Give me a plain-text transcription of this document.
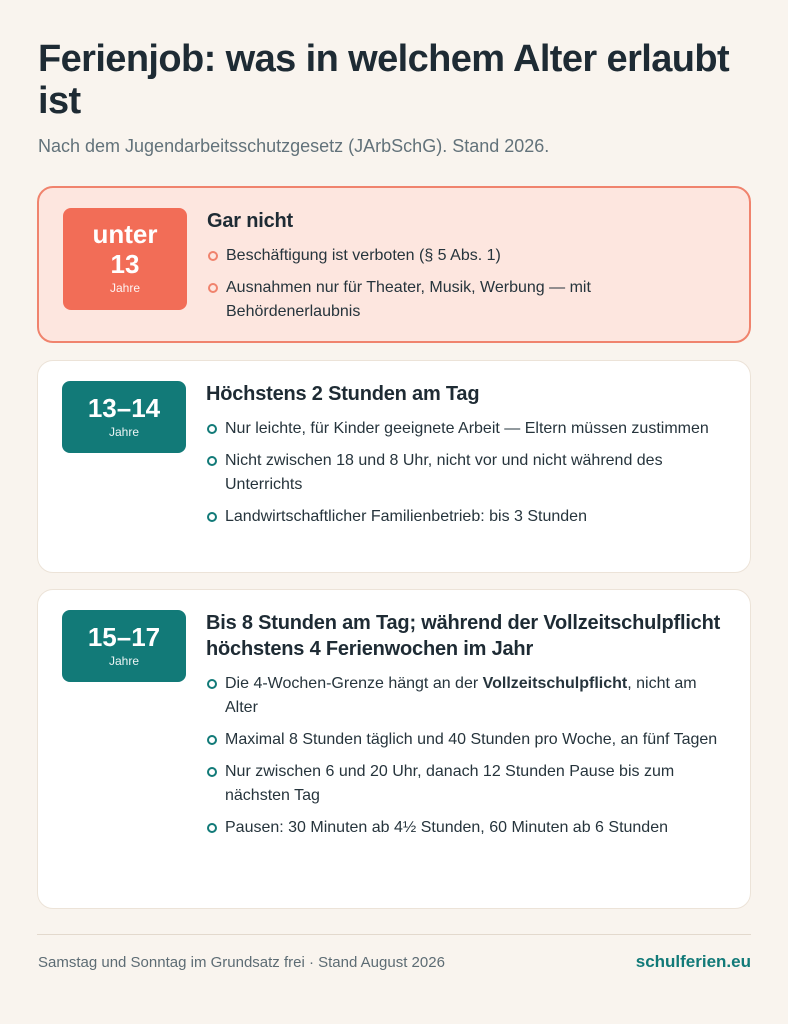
Ferienjob: was in welchem Alter erlaubt ist

Nach dem Jugendarbeitsschutzgesetz (JArbSchG). Stand 2026.

unter 13
Jahre
Gar nicht
Beschäftigung ist verboten (§ 5 Abs. 1)
Ausnahmen nur für Theater, Musik, Werbung — mit Behördenerlaubnis
13–14
Jahre
Höchstens 2 Stunden am Tag
Nur leichte, für Kinder geeignete Arbeit — Eltern müssen zustimmen
Nicht zwischen 18 und 8 Uhr, nicht vor und nicht während des Unterrichts
Landwirtschaftlicher Familienbetrieb: bis 3 Stunden
15–17
Jahre
Bis 8 Stunden am Tag; während der Vollzeitschulpflicht höchstens 4 Ferienwochen im Jahr
Die 4-Wochen-Grenze hängt an der Vollzeitschulpflicht, nicht am Alter
Maximal 8 Stunden täglich und 40 Stunden pro Woche, an fünf Tagen
Nur zwischen 6 und 20 Uhr, danach 12 Stunden Pause bis zum nächsten Tag
Pausen: 30 Minuten ab 4½ Stunden, 60 Minuten ab 6 Stunden
Samstag und Sonntag im Grundsatz frei · Stand August 2026	schulferien.eu
